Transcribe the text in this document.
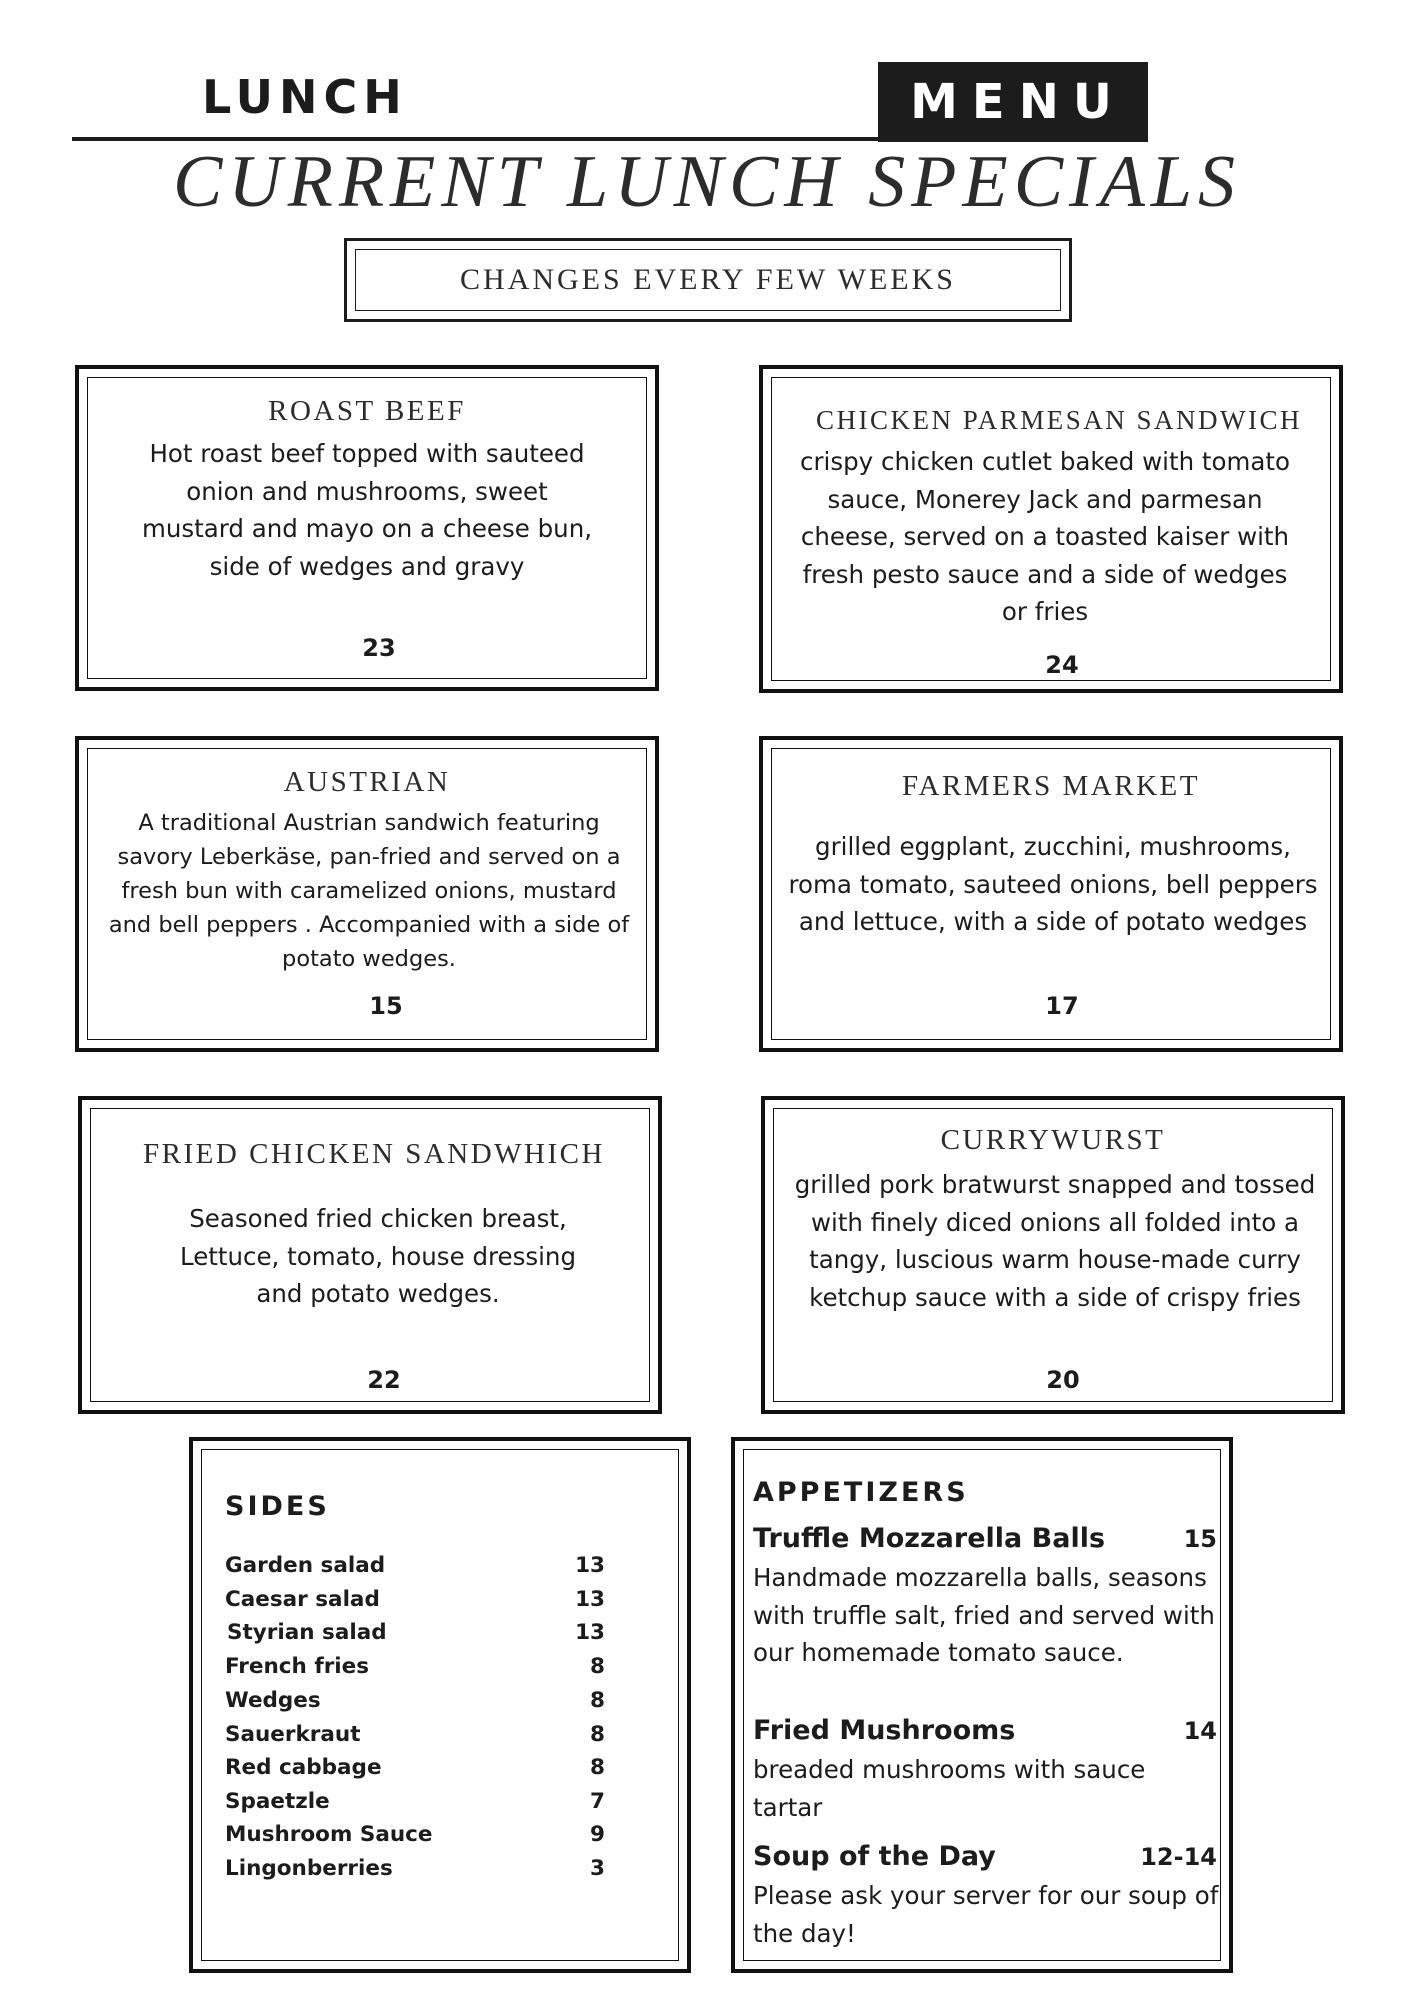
LUNCH	MENU
CURRENT LUNCH SPECIALS
CHANGES EVERY FEW WEEKS
ROAST BEEF
Hot roast beef topped with sauteed onion and mushrooms, sweet mustard and mayo on a cheese bun, side of wedges and gravy
23
CHICKEN PARMESAN SANDWICH
crispy chicken cutlet baked with tomato sauce, Monerey Jack and parmesan cheese, served on a toasted kaiser with fresh pesto sauce and a side of wedges or fries
24
AUSTRIAN
A traditional Austrian sandwich featuring savory Leberkäse, pan-fried and served on a fresh bun with caramelized onions, mustard and bell peppers . Accompanied with a side of potato wedges.
15
FARMERS MARKET
grilled eggplant, zucchini, mushrooms, roma tomato, sauteed onions, bell peppers and lettuce, with a side of potato wedges
17
FRIED CHICKEN SANDWHICH
Seasoned fried chicken breast, Lettuce, tomato, house dressing and potato wedges.
22
CURRYWURST
grilled pork bratwurst snapped and tossed with finely diced onions all folded into a tangy, luscious warm house-made curry ketchup sauce with a side of crispy fries
20
SIDES
Garden salad	13
Caesar salad	13
Styrian salad	13
French fries	8
Wedges	8
Sauerkraut	8
Red cabbage	8
Spaetzle	7
Mushroom Sauce	9
Lingonberries	3
APPETIZERS
Truffle Mozzarella Balls	15
Handmade mozzarella balls, seasons with truffle salt, fried and served with our homemade tomato sauce.
Fried Mushrooms	14
breaded mushrooms with sauce tartar
Soup of the Day	12-14
Please ask your server for our soup of the day!
